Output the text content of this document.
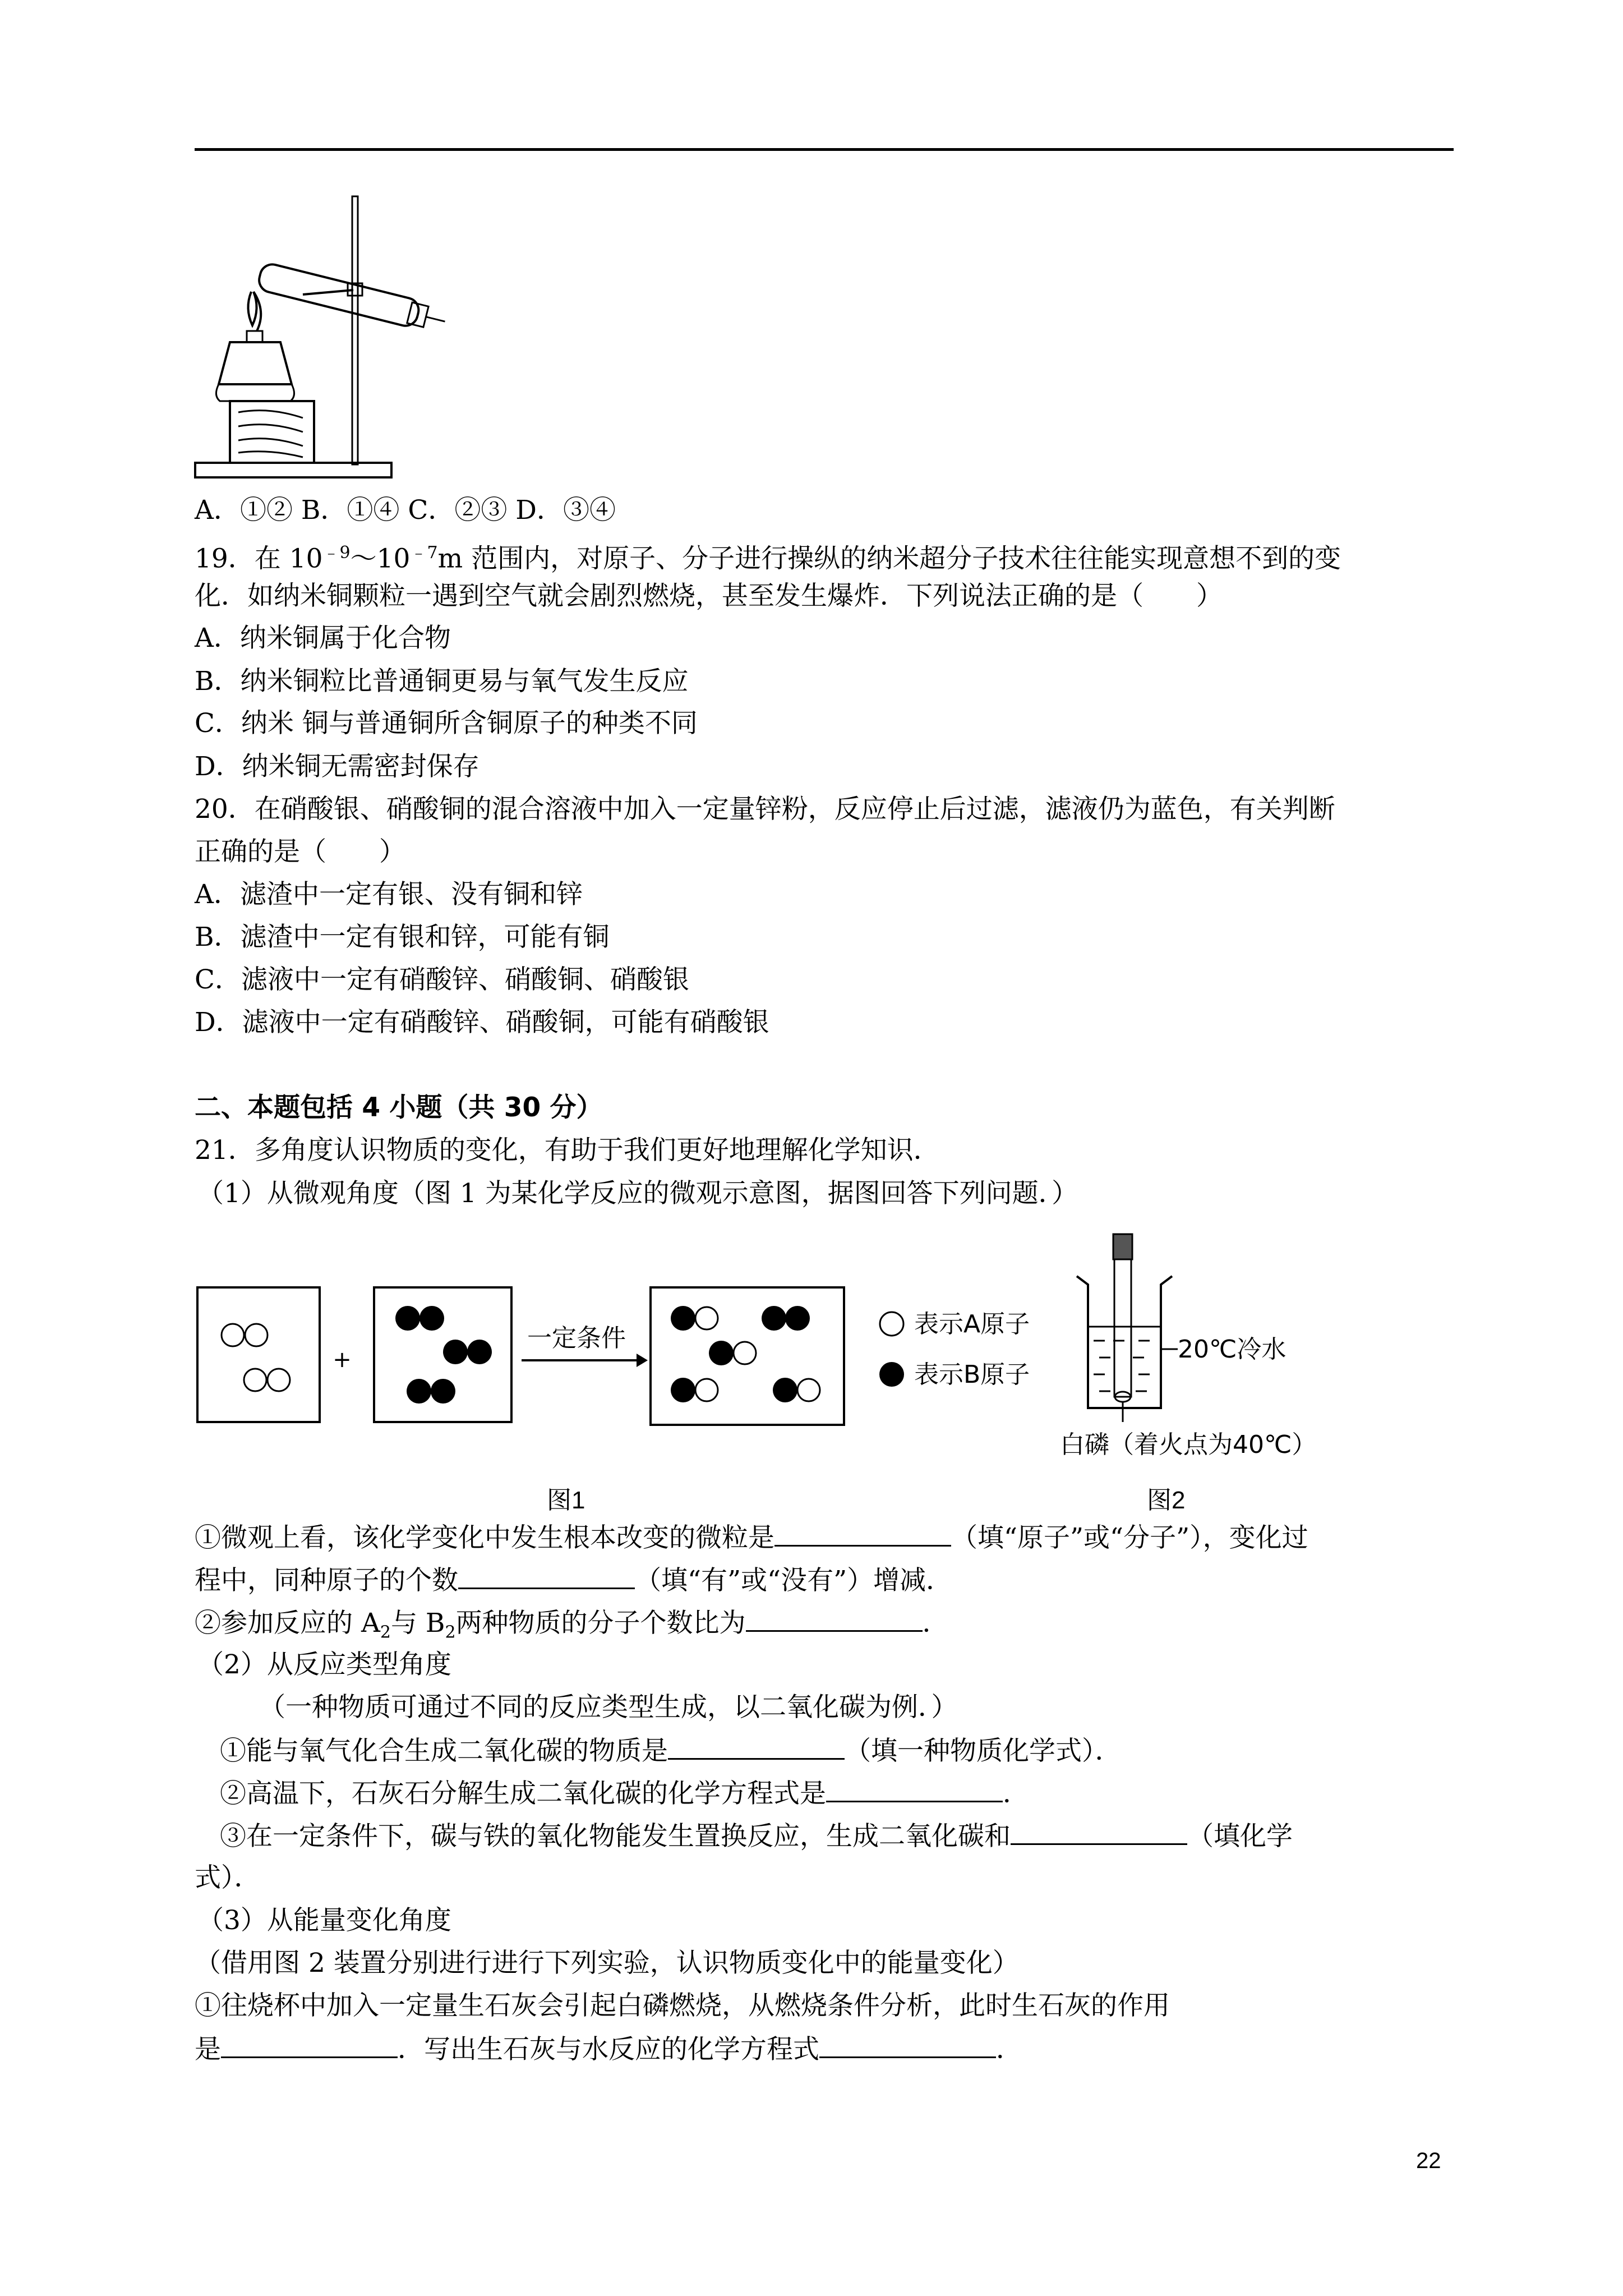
A．①② B．①④ C．②③ D．③④
19．在 $10^{﹣9}\sim 10^{﹣7}m$ 范围内，对原子、分子进行操纵的纳米超分子技术往往能实现意想不到的变
化．如纳米铜颗粒一遇到空气就会剧烈燃烧，甚至发生爆炸．下列说法正确的是（　　）
A．纳米铜属于化合物
B．纳米铜粒比普通铜更易与氧气发生反应
C．纳米 铜与普通铜所含铜原子的种类不同
D．纳米铜无需密封保存
20．在硝酸银、硝酸铜的混合溶液中加入一定量锌粉，反应停止后过滤，滤液仍为蓝色，有关判断
正确的是（　　）
A．滤渣中一定有银、没有铜和锌
B．滤渣中一定有银和锌，可能有铜
C．滤液中一定有硝酸锌、硝酸铜、硝酸银
D．滤液中一定有硝酸锌、硝酸铜，可能有硝酸银
二、本题包括 4 小题（共 30 分）
21．多角度认识物质的变化，有助于我们更好地理解化学知识．
（1）从微观角度（图 1 为某化学反应的微观示意图，据图回答下列问题．）
+
一定条件	表示A原子
表示B原子
20℃冷水
白磷（着火点为40℃）
图1	图2
①微观上看，该化学变化中发生根本改变的微粒是	（填“原子”或“分子”），变化过
程中，同种原子的个数	（填“有”或“没有”）增减．
②参加反应的 $A_2$与 $B_2$两种物质的分子个数比为	．
（2）从反应类型角度
（一种物质可通过不同的反应类型生成，以二氧化碳为例．）
①能与氧气化合生成二氧化碳的物质是	（填一种物质化学式）．
②高温下，石灰石分解生成二氧化碳的化学方程式是	．
③在一定条件下，碳与铁的氧化物能发生置换反应，生成二氧化碳和	（填化学
式）．
（3）从能量变化角度
（借用图 2 装置分别进行进行下列实验，认识物质变化中的能量变化）
①往烧杯中加入一定量生石灰会引起白磷燃烧，从燃烧条件分析，此时生石灰的作用
是	．写出生石灰与水反应的化学方程式	．
22
